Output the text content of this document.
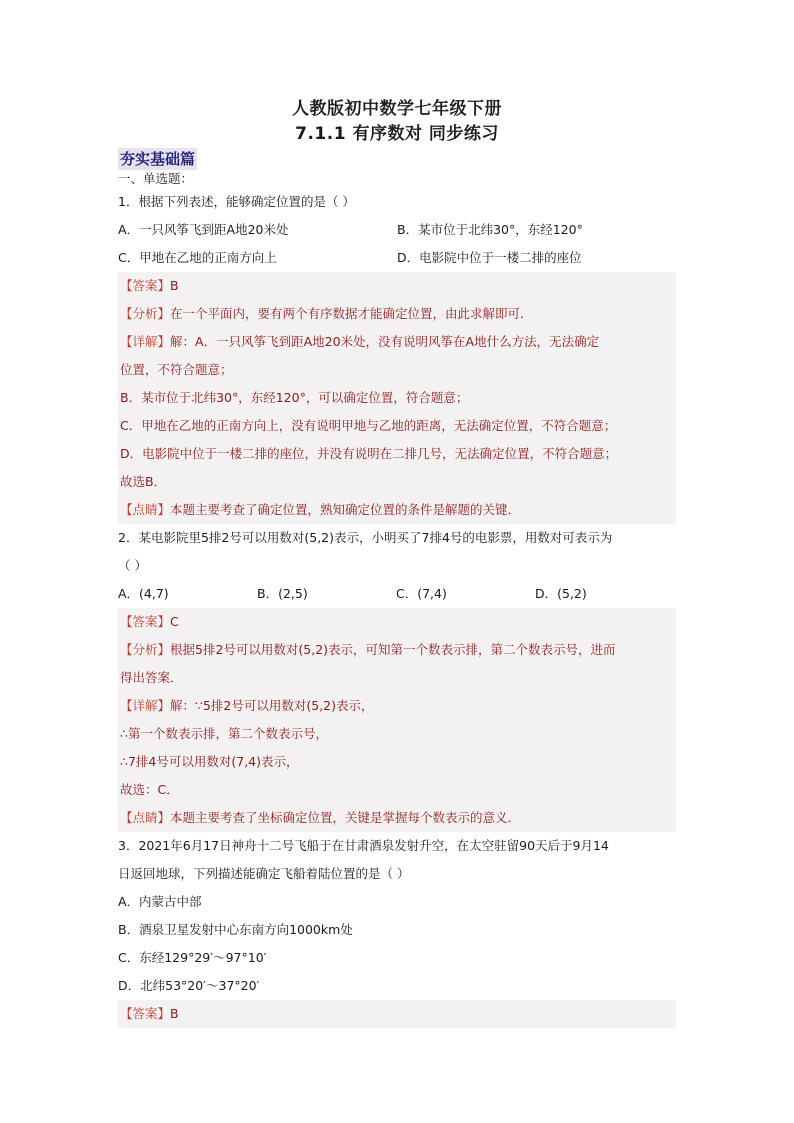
人教版初中数学七年级下册
7.1.1 有序数对 同步练习
夯实基础篇
一、单选题：
1．根据下列表述，能够确定位置的是（ ）
A．一只风筝飞到距A地20米处	B．某市位于北纬30°，东经120°
C．甲地在乙地的正南方向上	D．电影院中位于一楼二排的座位
【答案】B
【分析】在一个平面内，要有两个有序数据才能确定位置，由此求解即可．
【详解】解：A．一只风筝飞到距A地20米处，没有说明风筝在A地什么方法，无法确定
位置，不符合题意；
B．某市位于北纬30°，东经120°，可以确定位置，符合题意；
C．甲地在乙地的正南方向上，没有说明甲地与乙地的距离，无法确定位置，不符合题意；
D．电影院中位于一楼二排的座位，并没有说明在二排几号，无法确定位置，不符合题意；
故选B．
【点睛】本题主要考查了确定位置，熟知确定位置的条件是解题的关键．
2．某电影院里5排2号可以用数对(5,2)表示，小明买了7排4号的电影票，用数对可表示为
（ ）
A．(4,7)	B．(2,5)	C．(7,4)	D．(5,2)
【答案】C
【分析】根据5排2号可以用数对(5,2)表示，可知第一个数表示排，第二个数表示号，进而
得出答案．
【详解】解：∵5排2号可以用数对(5,2)表示，
∴第一个数表示排，第二个数表示号，
∴7排4号可以用数对(7,4)表示，
故选：C．
【点睛】本题主要考查了坐标确定位置，关键是掌握每个数表示的意义．
3．2021年6月17日神舟十二号飞船于在甘肃酒泉发射升空，在太空驻留90天后于9月14
日返回地球，下列描述能确定飞船着陆位置的是（ ）
A．内蒙古中部
B．酒泉卫星发射中心东南方向1000km处
C．东经129°29′～97°10′
D．北纬53°20′～37°20′
【答案】B
